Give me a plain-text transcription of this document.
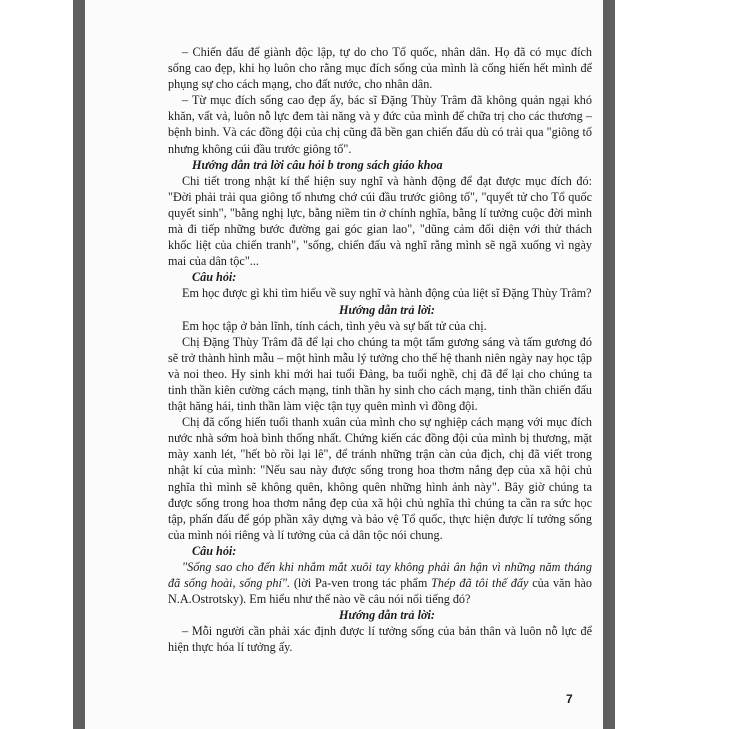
– Chiến đấu để giành độc lập, tự do cho Tổ quốc, nhân dân. Họ đã có mục đích sống cao đẹp, khi họ luôn cho rằng mục đích sống của mình là cống hiến hết mình để phụng sự cho cách mạng, cho đất nước, cho nhân dân.

– Từ mục đích sống cao đẹp ấy, bác sĩ Đặng Thùy Trâm đã không quản ngại khó khăn, vất vả, luôn nỗ lực đem tài năng và y đức của mình để chữa trị cho các thương – bệnh binh. Và các đồng đội của chị cũng đã bền gan chiến đấu dù có trải qua "giông tố nhưng không cúi đầu trước giông tố".

Hướng dẫn trả lời câu hỏi b trong sách giáo khoa

Chi tiết trong nhật kí thể hiện suy nghĩ và hành động để đạt được mục đích đó: "Đời phải trải qua giông tố nhưng chớ cúi đầu trước giông tố", "quyết tử cho Tổ quốc quyết sinh", "bằng nghị lực, bằng niềm tin ở chính nghĩa, bằng lí tưởng cuộc đời mình mà đi tiếp những bước đường gai góc gian lao", "dũng cảm đối diện với thử thách khốc liệt của chiến tranh", "sống, chiến đấu và nghĩ rằng mình sẽ ngã xuống vì ngày mai của dân tộc"...

Câu hỏi:

Em học được gì khi tìm hiểu về suy nghĩ và hành động của liệt sĩ Đặng Thùy Trâm?

Hướng dẫn trả lời:

Em học tập ở bản lĩnh, tính cách, tình yêu và sự bất tử của chị.

Chị Đặng Thùy Trâm đã để lại cho chúng ta một tấm gương sáng và tấm gương đó sẽ trở thành hình mẫu – một hình mẫu lý tưởng cho thế hệ thanh niên ngày nay học tập và noi theo. Hy sinh khi mới hai tuổi Đảng, ba tuổi nghề, chị đã để lại cho chúng ta tinh thần kiên cường cách mạng, tinh thần hy sinh cho cách mạng, tinh thần chiến đấu thật hăng hái, tinh thần làm việc tận tụy quên mình vì đồng đội.

Chị đã cống hiến tuổi thanh xuân của mình cho sự nghiệp cách mạng với mục đích nước nhà sớm hoà bình thống nhất. Chứng kiến các đồng đội của mình bị thương, mặt mày xanh lét, "hết bò rồi lại lê", để tránh những trận càn của địch, chị đã viết trong nhật kí của mình: "Nếu sau này được sống trong hoa thơm nắng đẹp của xã hội chủ nghĩa thì mình sẽ không quên, không quên những hình ảnh này". Bây giờ chúng ta được sống trong hoa thơm nắng đẹp của xã hội chủ nghĩa thì chúng ta cần ra sức học tập, phấn đấu để góp phần xây dựng và bảo vệ Tổ quốc, thực hiện được lí tưởng sống của mình nói riêng và lí tưởng của cả dân tộc nói chung.

Câu hỏi:

"Sống sao cho đến khi nhắm mắt xuôi tay không phải ân hận vì những năm tháng đã sống hoài, sống phí". (lời Pa-ven trong tác phẩm Thép đã tôi thế đấy của văn hào N.A.Ostrotsky). Em hiểu như thế nào về câu nói nổi tiếng đó?

Hướng dẫn trả lời:

– Mỗi người cần phải xác định được lí tưởng sống của bản thân và luôn nỗ lực để hiện thực hóa lí tưởng ấy.

7
